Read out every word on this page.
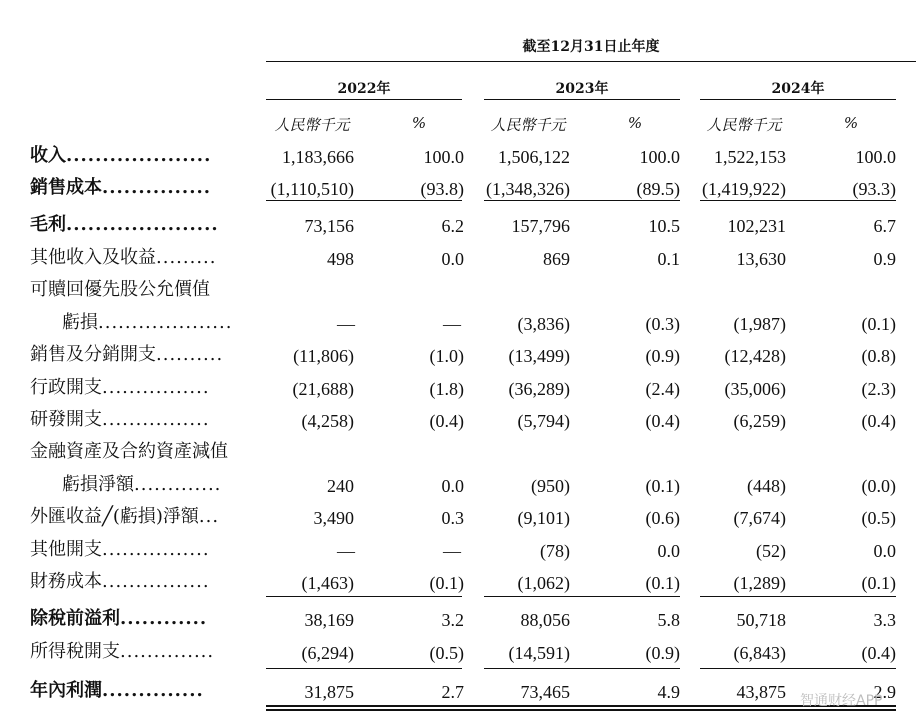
截至12月31日止年度
2022年	2023年	2024年
人民幣千元	%	人民幣千元	%	人民幣千元	%
收入....................	1,183,666	100.0	1,506,122	100.0	1,522,153	100.0
銷售成本...............	(1,110,510)	(93.8)	(1,348,326)	(89.5)	(1,419,922)	(93.3)
毛利.....................	73,156	6.2	157,796	10.5	102,231	6.7
其他收入及收益.........	498	0.0	869	0.1	13,630	0.9
可贖回優先股公允價值
虧損....................	—	—	(3,836)	(0.3)	(1,987)	(0.1)
銷售及分銷開支..........	(11,806)	(1.0)	(13,499)	(0.9)	(12,428)	(0.8)
行政開支................	(21,688)	(1.8)	(36,289)	(2.4)	(35,006)	(2.3)
研發開支................	(4,258)	(0.4)	(5,794)	(0.4)	(6,259)	(0.4)
金融資產及合約資產減值
虧損淨額.............	240	0.0	(950)	(0.1)	(448)	(0.0)
外匯收益╱(虧損)淨額...	3,490	0.3	(9,101)	(0.6)	(7,674)	(0.5)
其他開支................	—	—	(78)	0.0	(52)	0.0
財務成本................	(1,463)	(0.1)	(1,062)	(0.1)	(1,289)	(0.1)
除稅前溢利............	38,169	3.2	88,056	5.8	50,718	3.3
所得稅開支..............	(6,294)	(0.5)	(14,591)	(0.9)	(6,843)	(0.4)
年內利潤..............	31,875	2.7	73,465	4.9	43,875	2.9
智通财经APP
